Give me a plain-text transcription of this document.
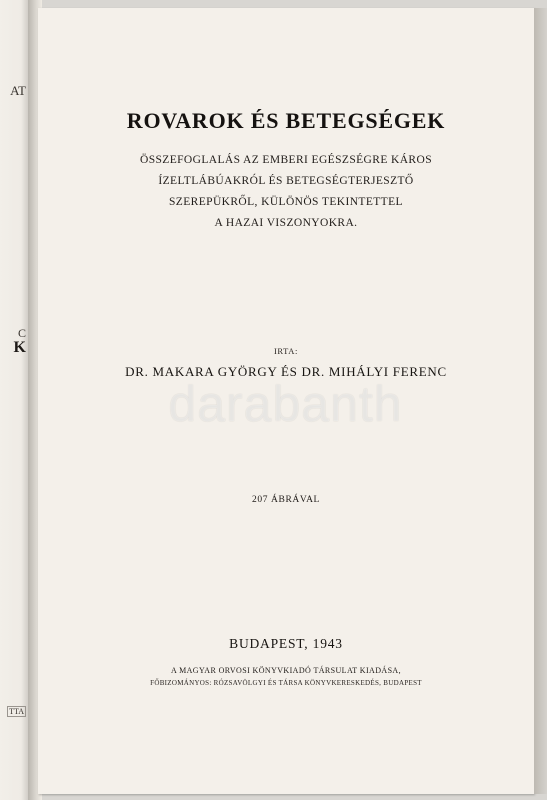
AT
C
K
TTA
ROVAROK ÉS BETEGSÉGEK
ÖSSZEFOGLALÁS AZ EMBERI EGÉSZSÉGRE KÁROS
ÍZELTLÁBÚAKRÓL ÉS BETEGSÉGTERJESZTŐ
SZEREPÜKRŐL, KÜLÖNÖS TEKINTETTEL
A HAZAI VISZONYOKRA.
IRTA:
DR. MAKARA GYÖRGY ÉS DR. MIHÁLYI FERENC
darabanth
207 ÁBRÁVAL
BUDAPEST, 1943
A MAGYAR ORVOSI KÖNYVKIADÓ TÁRSULAT KIADÁSA,
FŐBIZOMÁNYOS: RÓZSAVÖLGYI ÉS TÁRSA KÖNYVKERESKEDÉS, BUDAPEST
